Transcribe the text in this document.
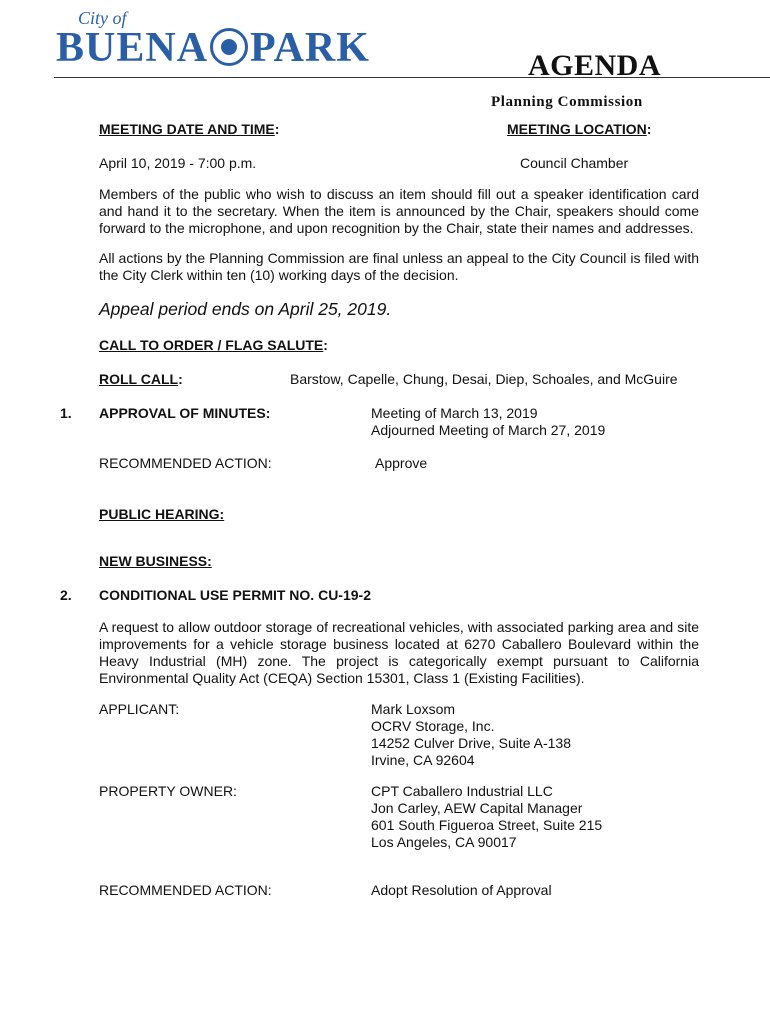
City of
BUENA PARK	AGENDA
Planning Commission
MEETING DATE AND TIME:	MEETING LOCATION:
April 10, 2019 - 7:00 p.m.	Council Chamber
Members of the public who wish to discuss an item should fill out a speaker identification card and hand it to the secretary. When the item is announced by the Chair, speakers should come forward to the microphone, and upon recognition by the Chair, state their names and addresses.
All actions by the Planning Commission are final unless an appeal to the City Council is filed with the City Clerk within ten (10) working days of the decision.
Appeal period ends on April 25, 2019.
CALL TO ORDER / FLAG SALUTE:
ROLL CALL:	Barstow, Capelle, Chung, Desai, Diep, Schoales, and McGuire
1. APPROVAL OF MINUTES:	Meeting of March 13, 2019
Adjourned Meeting of March 27, 2019
RECOMMENDED ACTION:	Approve
PUBLIC HEARING:
NEW BUSINESS:
2. CONDITIONAL USE PERMIT NO. CU-19-2
A request to allow outdoor storage of recreational vehicles, with associated parking area and site improvements for a vehicle storage business located at 6270 Caballero Boulevard within the Heavy Industrial (MH) zone. The project is categorically exempt pursuant to California Environmental Quality Act (CEQA) Section 15301, Class 1 (Existing Facilities).
APPLICANT:	Mark Loxsom
OCRV Storage, Inc.
14252 Culver Drive, Suite A-138
Irvine, CA 92604
PROPERTY OWNER:	CPT Caballero Industrial LLC
Jon Carley, AEW Capital Manager
601 South Figueroa Street, Suite 215
Los Angeles, CA 90017
RECOMMENDED ACTION:	Adopt Resolution of Approval
